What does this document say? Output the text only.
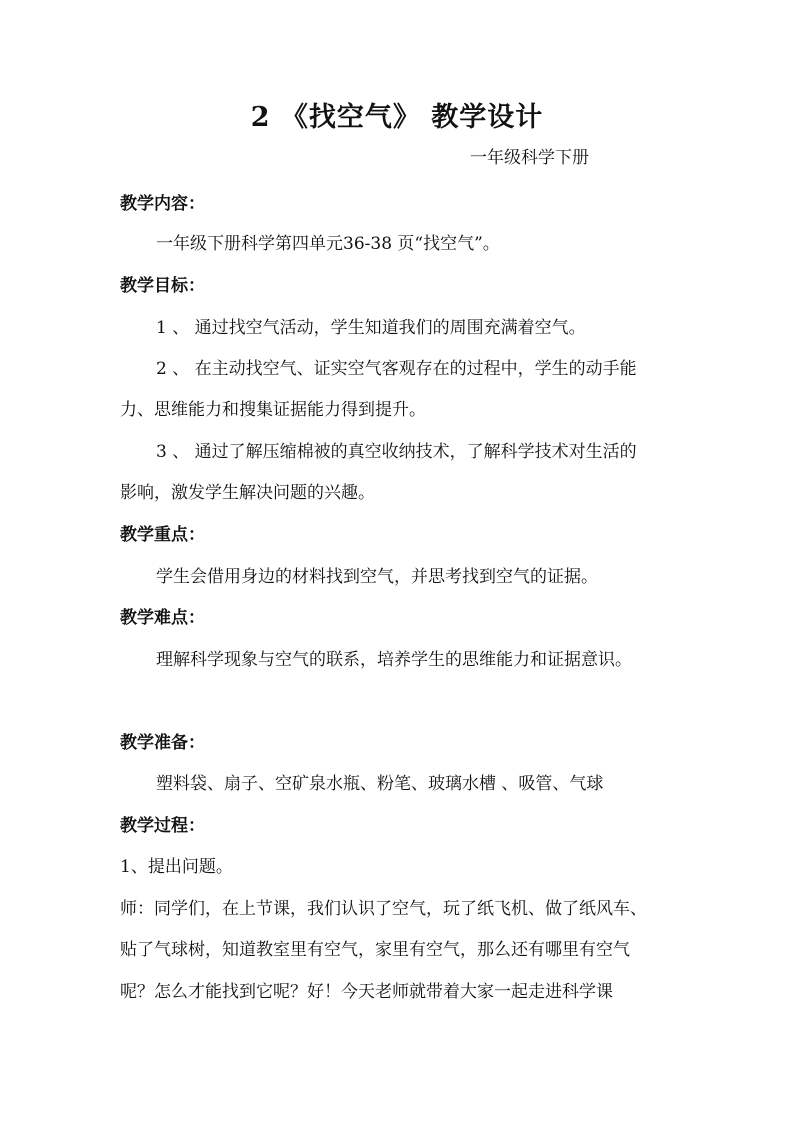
2 《找空气》 教学设计
一年级科学下册
教学内容：
一年级下册科学第四单元36-38 页“找空气”。
教学目标：
1 、 通过找空气活动，学生知道我们的周围充满着空气。
2 、 在主动找空气、证实空气客观存在的过程中，学生的动手能
力、思维能力和搜集证据能力得到提升。
3 、 通过了解压缩棉被的真空收纳技术，了解科学技术对生活的
影响，激发学生解决问题的兴趣。
教学重点：
学生会借用身边的材料找到空气，并思考找到空气的证据。
教学难点：
理解科学现象与空气的联系，培养学生的思维能力和证据意识。
教学准备：
塑料袋、扇子、空矿泉水瓶、粉笔、玻璃水槽 、吸管、气球
教学过程：
1、提出问题。
师：同学们，在上节课，我们认识了空气，玩了纸飞机、做了纸风车、
贴了气球树，知道教室里有空气，家里有空气，那么还有哪里有空气
呢？怎么才能找到它呢？好！今天老师就带着大家一起走进科学课
